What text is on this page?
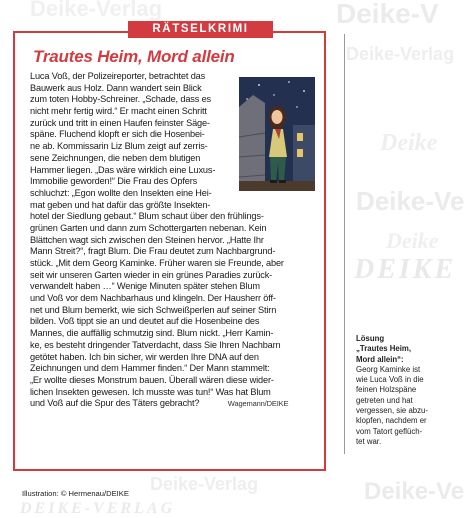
Deike-Verlag	Deike-V
Deike
Deike-Ve
Deike-Verlag
DEIKE
Deike
Deike-Verlag	Deike-Ve
DEIKE-VERLAG
RÄTSELKRIMI
Trautes Heim, Mord allein
Luca Voß, der Polizeireporter, betrachtet das
Bauwerk aus Holz. Dann wandert sein Blick
zum toten Hobby-Schreiner. „Schade, dass es
nicht mehr fertig wird.“ Er macht einen Schritt
zurück und tritt in einen Haufen feinster Säge-
späne. Fluchend klopft er sich die Hosenbei-
ne ab. Kommissarin Liz Blum zeigt auf zerris-
sene Zeichnungen, die neben dem blutigen
Hammer liegen. „Das wäre wirklich eine Luxus-
Immobilie geworden!“ Die Frau des Opfers
schluchzt: „Egon wollte den Insekten eine Hei-
mat geben und hat dafür das größte Insekten-
hotel der Siedlung gebaut.“ Blum schaut über den frühlings-
grünen Garten und dann zum Schottergarten nebenan. Kein
Blättchen wagt sich zwischen den Steinen hervor. „Hatte Ihr
Mann Streit?“, fragt Blum. Die Frau deutet zum Nachbargrund-
stück. „Mit dem Georg Kaminke. Früher waren sie Freunde, aber
seit wir unseren Garten wieder in ein grünes Paradies zurück-
verwandelt haben …“ Wenige Minuten später stehen Blum
und Voß vor dem Nachbarhaus und klingeln. Der Hausherr öff-
net und Blum bemerkt, wie sich Schweißperlen auf seiner Stirn
bilden. Voß tippt sie an und deutet auf die Hosenbeine des
Mannes, die auffällig schmutzig sind. Blum nickt. „Herr Kamin-
ke, es besteht dringender Tatverdacht, dass Sie Ihren Nachbarn
getötet haben. Ich bin sicher, wir werden Ihre DNA auf den
Zeichnungen und dem Hammer finden.“ Der Mann stammelt:
„Er wollte dieses Monstrum bauen. Überall wären diese wider-
lichen Insekten gewesen. Ich musste was tun!“ Was hat Blum
und Voß auf die Spur des Täters gebracht?	Wagemann/DEIKE
Lösung
„Trautes Heim,
Mord allein“:
Georg Kaminke ist
wie Luca Voß in die
feinen Holzspäne
getreten und hat
vergessen, sie abzu-
klopfen, nachdem er
vom Tatort geflüch-
tet war.
Illustration: © Hermenau/DEIKE
